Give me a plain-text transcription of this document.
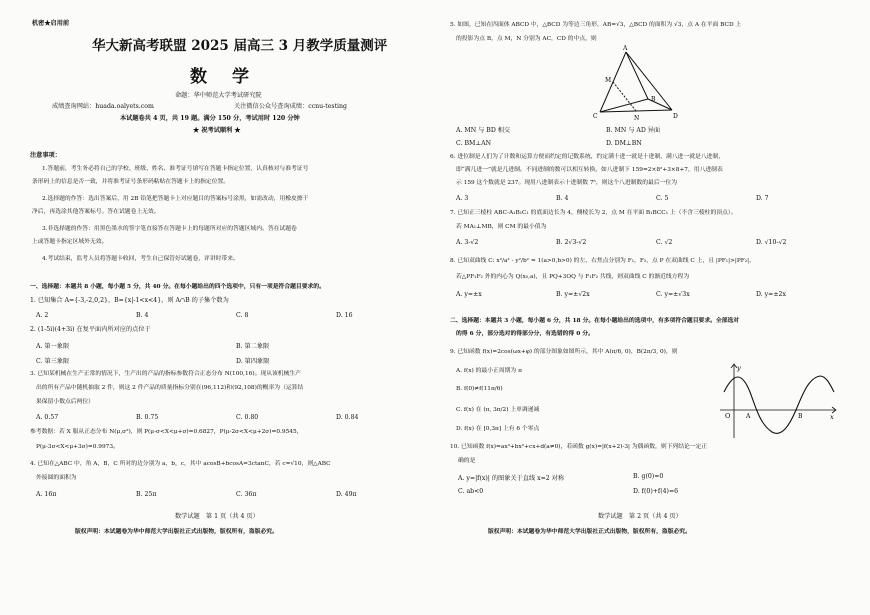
机密★启用前
华大新高考联盟 2025 届高三 3 月教学质量测评
数　学
命题：华中师范大学考试研究院
成绩查询网站：huada.oalyets.com	关注微信公众号查询成绩：ccnu-testing
本试题卷共 4 页，共 19 题。满分 150 分，考试用时 120 分钟
★ 祝考试顺利 ★
注意事项：
1.答题前，考生务必将自己的学校、班级、姓名、准考证号填写在答题卡指定位置，认真核对与准考证号
条形码上的信息是否一致，并将准考证号条形码粘贴在答题卡上的指定位置。
2.选择题的作答：选出答案后，用 2B 铅笔把答题卡上对应题目的答案标号涂黑，如需改动，用橡皮擦干
净后，再选涂其他答案标号。答在试题卷上无效。
3.非选择题的作答：用黑色墨水的签字笔直接答在答题卡上的每题所对应的答题区域内。答在试题卷
上或答题卡指定区域外无效。
4.考试结束，监考人员将答题卡收回，考生自己保管好试题卷，评讲时带来。
一、选择题：本题共 8 小题，每小题 5 分，共 40 分。在每小题给出的四个选项中，只有一项是符合题目要求的。
1. 已知集合 A={-3,-2,0,2}，B={x|-1<x<4}，则 A∩B 的子集个数为
A. 2	B. 4	C. 8	D. 16
2. (1-5i)(4+3i) 在复平面内所对应的点位于
A. 第一象限	B. 第二象限
C. 第三象限	D. 第四象限
3. 已知某机械在生产正常的情况下，生产出的产品的指标参数符合正态分布 N(100,16)。现从该机械生产
出的所有产品中随机抽取 2 件，则这 2 件产品的质量指标分别在(96,112)和(92,108)的概率为（运算结
果保留小数点后两位）
A. 0.57	B. 0.75	C. 0.80	D. 0.84
参考数据：若 X 服从正态分布 N(μ,σ²)，则 P(μ-σ<X<μ+σ)=0.6827，P(μ-2σ<X<μ+2σ)=0.9545，
P(μ-3σ<X<μ+3σ)=0.9973。
4. 已知在△ABC 中，角 A，B，C 所对的边分别为 a，b，c，其中 acosB+bcosA=3ctanC，若 c=√10，则△ABC
外接圆的面积为
A. 16π	B. 25π	C. 36π	D. 49π
数学试题　第 1 页（共 4 页）
版权声明：本试题卷为华中师范大学出版社正式出版物，版权所有，盗版必究。
5. 如图，已知在四面体 ABCD 中，△BCD 为等边三角形，AB=√3，△BCD 的面积为 √3，点 A 在平面 BCD 上
的投影为点 B，点 M，N 分别为 AC，CD 的中点，则
A
M
C	N	D
B
A. MN 与 BD 相交	B. MN 与 AD 异面
C. BM⊥AN	D. DM⊥BN
6. 进位制是人们为了计数和运算方便而约定的记数系统，约定满十进一就是十进制，满八进一就是八进制，
即“满几进一”就是几进制。不同进制的数可以相互转换，如八进制下 159=2×8²+3×8+7，用八进制表
示 159 这个数就是 237。现用八进制表示十进制数 7⁵，则这个八进制数的最后一位为
A. 3	B. 4	C. 5	D. 7
7. 已知正三棱柱 ABC-A₁B₁C₁ 的底面边长为 4，侧棱长为 2，点 M 在平面 B₁BCC₁ 上（不含三棱柱的顶点）。
若 MA₁⊥MB，则 CM 的最小值为
A. 3-√2	B. 2√3-√2	C. √2	D. √10-√2
8. 已知双曲线 C: x²/a² - y²/b² = 1(a>0,b>0) 的左、右焦点分别为 F₁，F₂，点 P 在双曲线 C 上，且 |PF₁|>|PF₂|，
若△PF₁F₂ 外的内心为 Q(x₀,a)，且 PQ+3OQ 与 F₁F₂ 共线，则双曲线 C 的渐近线方程为
A. y=±x	B. y=±√2x	C. y=±√3x	D. y=±2x
二、选择题：本题共 3 小题，每小题 6 分，共 18 分。在每小题给出的选项中，有多项符合题目要求。全部选对
的得 6 分，部分选对的得部分分，有选错的得 0 分。
9. 已知函数 f(x)=2cos(ωx+φ) 的部分图象如图所示，其中 A(π/6, 0)，B(2π/3, 0)，则
A. f(x) 的最小正周期为 π
B. f(0)≠f(11π/6)
C. f(x) 在 (π, 3π/2) 上单调递减
D. f(x) 在 [0,3π] 上有 6 个零点
y
O	A	B	x
10. 已知函数 f(x)=ax³+bx²+cx+d(a≠0)，若函数 g(x)=|f(x+2)-3| 为偶函数，则下列结论一定正
确的是
A. y=|f(x)| 的图象关于直线 x=2 对称	B. g(0)=0
C. ab<0	D. f(0)+f(4)=6
数学试题　第 2 页（共 4 页）
版权声明：本试题卷为华中师范大学出版社正式出版物，版权所有，盗版必究。
